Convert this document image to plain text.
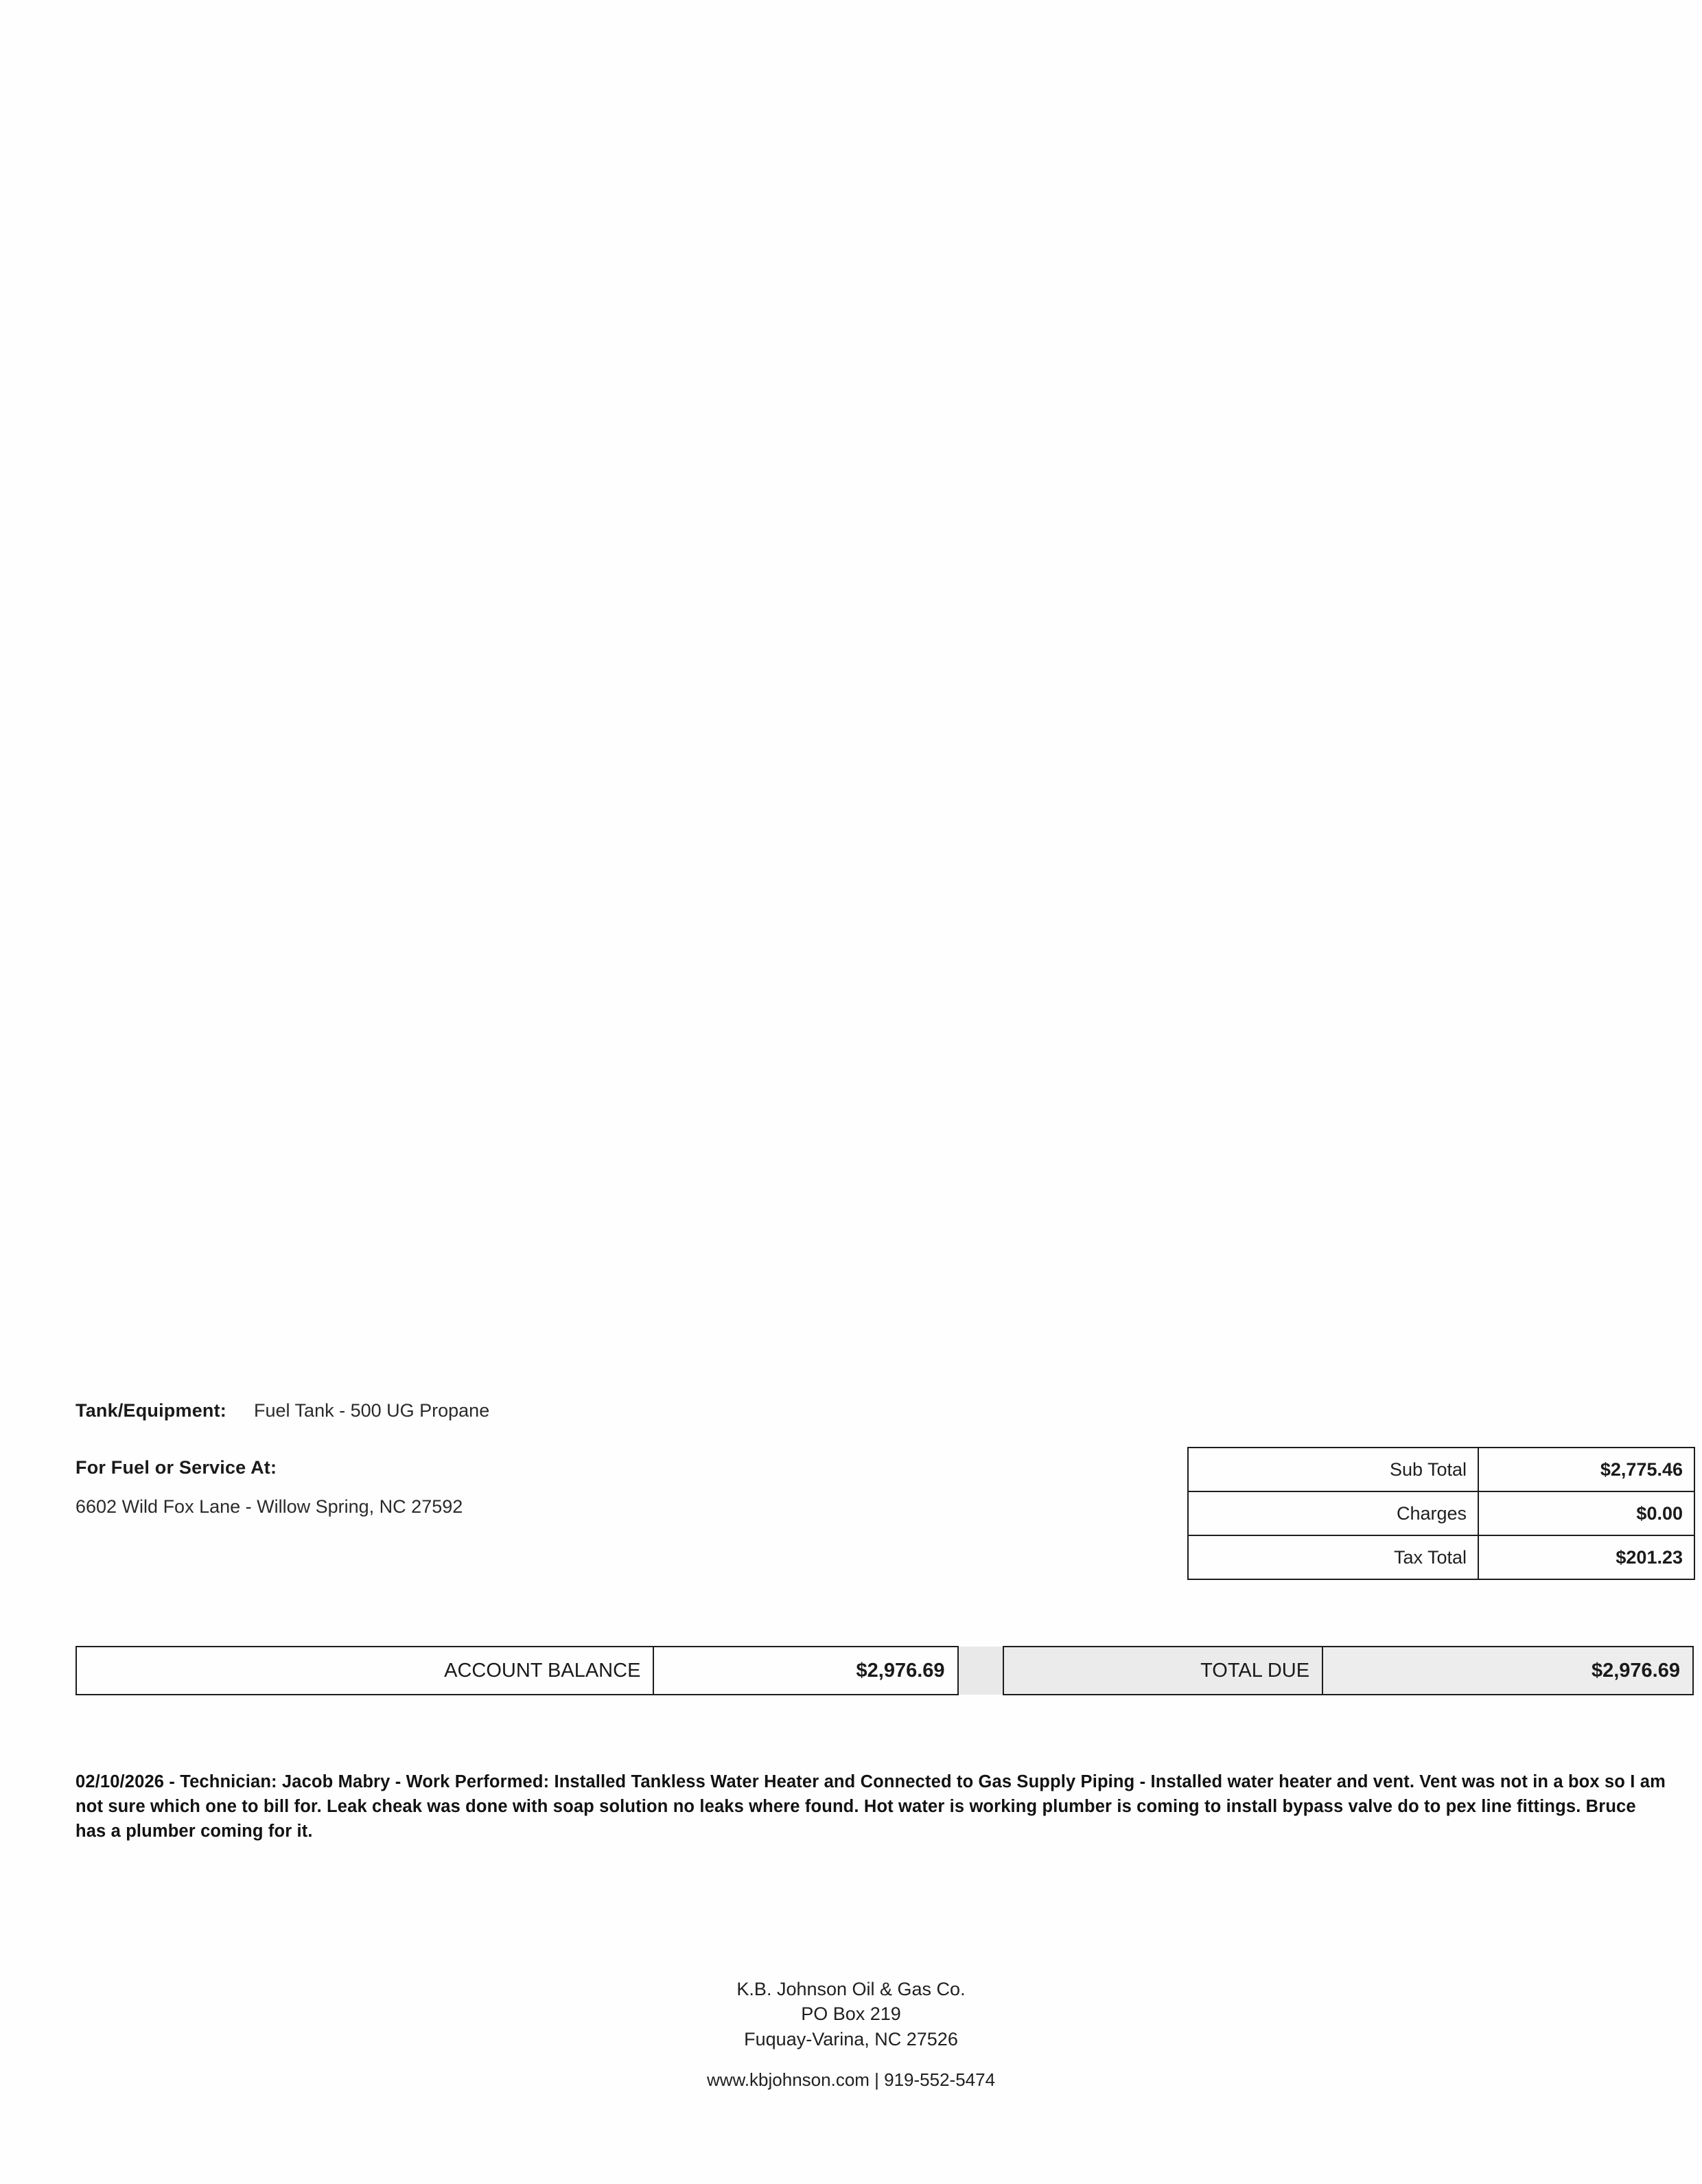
Tank/Equipment: Fuel Tank - 500 UG Propane
For Fuel or Service At:
6602 Wild Fox Lane - Willow Spring, NC 27592
Sub Total	$2,775.46
Charges	$0.00
Tax Total	$201.23
	ACCOUNT BALANCE	$2,976.69		TOTAL DUE	$2,976.69
02/10/2026 - Technician: Jacob Mabry - Work Performed: Installed Tankless Water Heater and Connected to Gas Supply Piping - Installed water heater and vent. Vent was not in a box so I am not sure which one to bill for. Leak cheak was done with soap solution no leaks where found. Hot water is working plumber is coming to install bypass valve do to pex line fittings. Bruce has a plumber coming for it.
K.B. Johnson Oil & Gas Co.
PO Box 219
Fuquay-Varina, NC 27526
www.kbjohnson.com | 919-552-5474
